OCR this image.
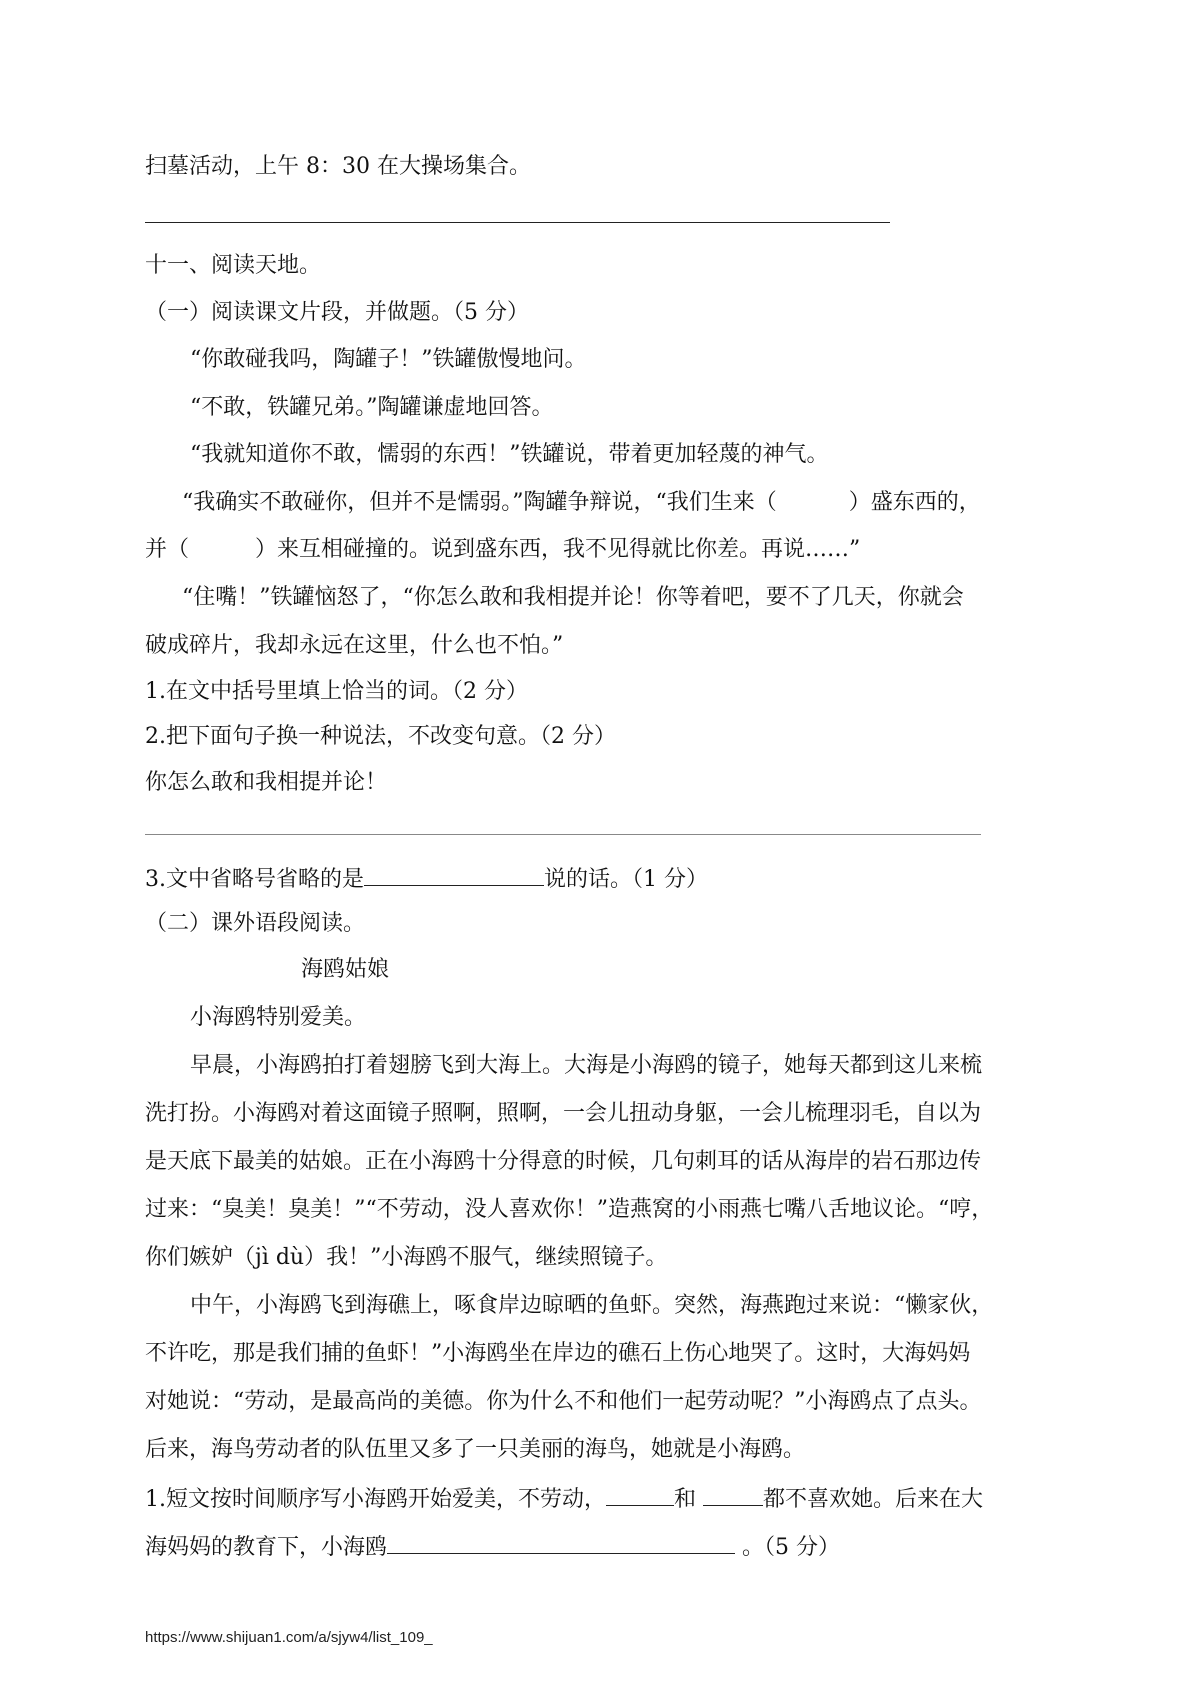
扫墓活动，上午 8：30 在大操场集合。
十一、阅读天地。
（一）阅读课文片段，并做题。（5 分）
“你敢碰我吗，陶罐子！”铁罐傲慢地问。
“不敢，铁罐兄弟。”陶罐谦虚地回答。
“我就知道你不敢，懦弱的东西！”铁罐说，带着更加轻蔑的神气。
“我确实不敢碰你，但并不是懦弱。”陶罐争辩说，“我们生来（	）盛东西的，
并（	）来互相碰撞的。说到盛东西，我不见得就比你差。再说……”
“住嘴！”铁罐恼怒了，“你怎么敢和我相提并论！你等着吧，要不了几天，你就会
破成碎片，我却永远在这里，什么也不怕。”
1.在文中括号里填上恰当的词。（2 分）
2.把下面句子换一种说法，不改变句意。（2 分）
你怎么敢和我相提并论！
3.文中省略号省略的是	说的话。（1 分）
（二）课外语段阅读。
海鸥姑娘
小海鸥特别爱美。
早晨，小海鸥拍打着翅膀飞到大海上。大海是小海鸥的镜子，她每天都到这儿来梳
洗打扮。小海鸥对着这面镜子照啊，照啊，一会儿扭动身躯，一会儿梳理羽毛，自以为
是天底下最美的姑娘。正在小海鸥十分得意的时候，几句刺耳的话从海岸的岩石那边传
过来：“臭美！臭美！”“不劳动，没人喜欢你！”造燕窝的小雨燕七嘴八舌地议论。“哼，
你们嫉妒（jì dù）我！”小海鸥不服气，继续照镜子。
中午，小海鸥飞到海礁上，啄食岸边晾晒的鱼虾。突然，海燕跑过来说：“懒家伙，
不许吃，那是我们捕的鱼虾！”小海鸥坐在岸边的礁石上伤心地哭了。这时，大海妈妈
对她说：“劳动，是最高尚的美德。你为什么不和他们一起劳动呢？”小海鸥点了点头。
后来，海鸟劳动者的队伍里又多了一只美丽的海鸟，她就是小海鸥。
1.短文按时间顺序写小海鸥开始爱美，不劳动，	和	都不喜欢她。后来在大
海妈妈的教育下，小海鸥	。（5 分）
https://www.shijuan1.com/a/sjyw4/list_109_
